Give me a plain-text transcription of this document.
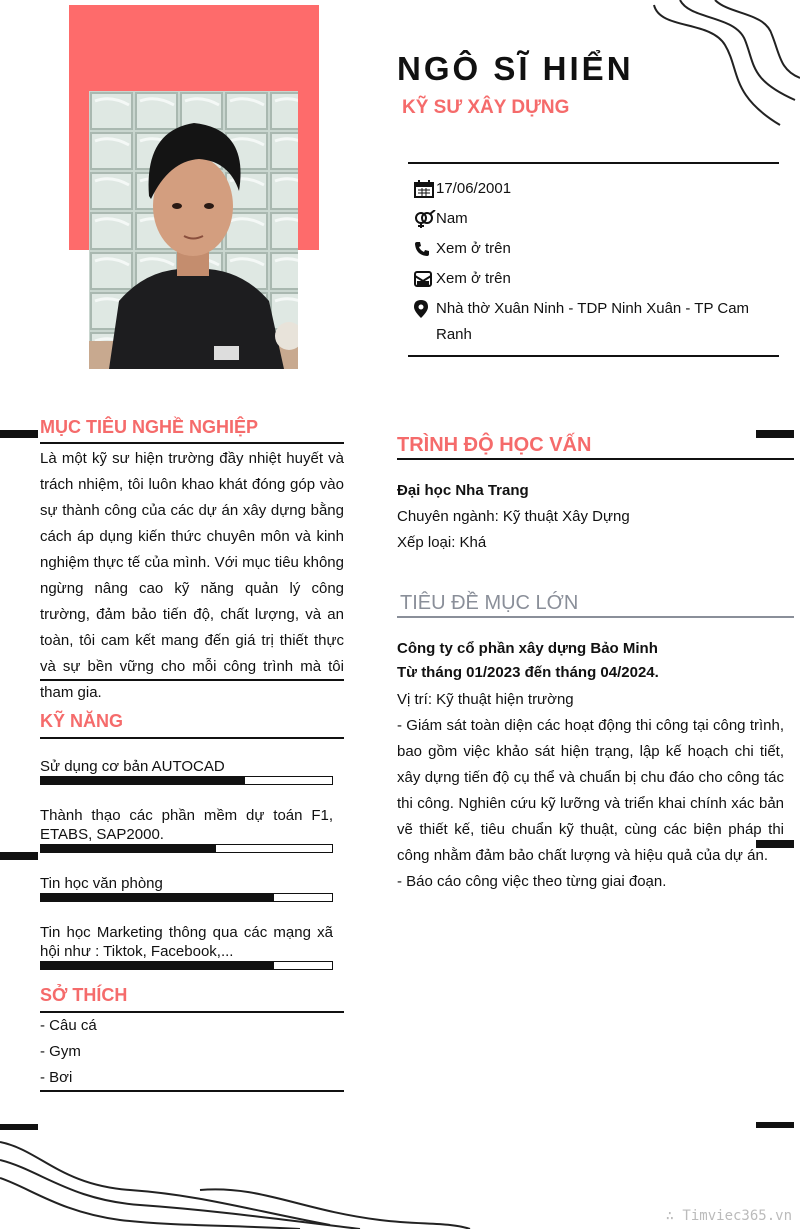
NGÔ SĨ HIỂN
KỸ SƯ XÂY DỰNG
17/06/2001
Nam
Xem ở trên
Xem ở trên
Nhà thờ Xuân Ninh - TDP Ninh Xuân - TP Cam Ranh
MỤC TIÊU NGHỀ NGHIỆP
Là một kỹ sư hiện trường đầy nhiệt huyết và trách nhiệm, tôi luôn khao khát đóng góp vào sự thành công của các dự án xây dựng bằng cách áp dụng kiến thức chuyên môn và kinh nghiệm thực tế của mình. Với mục tiêu không ngừng nâng cao kỹ năng quản lý công trường, đảm bảo tiến độ, chất lượng, và an toàn, tôi cam kết mang đến giá trị thiết thực và sự bền vững cho mỗi công trình mà tôi tham gia.
KỸ NĂNG
Sử dụng cơ bản AUTOCAD
Thành thạo các phần mềm dự toán F1, ETABS, SAP2000.
Tin học văn phòng
Tin học Marketing thông qua các mạng xã hội như : Tiktok, Facebook,...
SỞ THÍCH
- Câu cá
- Gym
- Bơi
TRÌNH ĐỘ HỌC VẤN
Đại học Nha Trang
Chuyên ngành: Kỹ thuật Xây Dựng
Xếp loại: Khá
TIÊU ĐỀ MỤC LỚN
Công ty cổ phần xây dựng Bảo Minh
Từ tháng 01/2023 đến tháng 04/2024.
Vị trí: Kỹ thuật hiện trường
- Giám sát toàn diện các hoạt động thi công tại công trình, bao gồm việc khảo sát hiện trạng, lập kế hoạch chi tiết, xây dựng tiến độ cụ thể và chuẩn bị chu đáo cho công tác thi công. Nghiên cứu kỹ lưỡng và triển khai chính xác bản vẽ thiết kế, tiêu chuẩn kỹ thuật, cùng các biện pháp thi công nhằm đảm bảo chất lượng và hiệu quả của dự án.
- Báo cáo công việc theo từng giai đoạn.
∴ Timviec365.vn
